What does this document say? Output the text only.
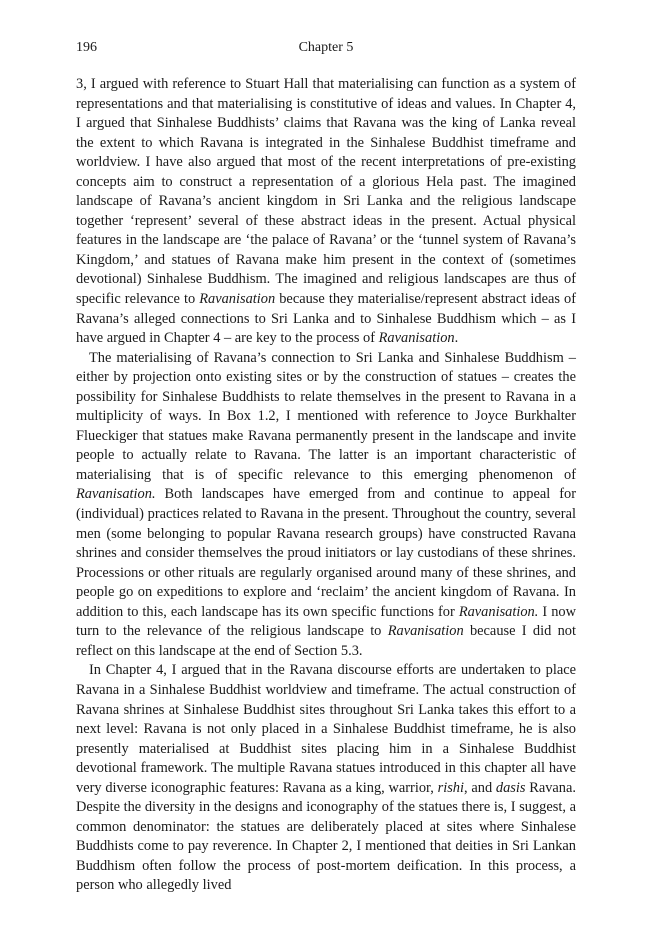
196	Chapter 5

3, I argued with reference to Stuart Hall that materialising can function as a system of representations and that materialising is constitutive of ideas and values. In Chapter 4, I argued that Sinhalese Buddhists’ claims that Ravana was the king of Lanka reveal the extent to which Ravana is integrated in the Sinhalese Buddhist timeframe and worldview. I have also argued that most of the recent interpretations of pre-existing concepts aim to construct a representation of a glorious Hela past. The imagined landscape of Ravana’s ancient kingdom in Sri Lanka and the religious landscape together ‘represent’ several of these abstract ideas in the present. Actual physical features in the landscape are ‘the palace of Ravana’ or the ‘tunnel system of Ravana’s Kingdom,’ and statues of Ravana make him present in the context of (sometimes devotional) Sinhalese Buddhism. The imagined and religious landscapes are thus of specific relevance to Ravanisation because they materialise/represent abstract ideas of Ravana’s alleged connections to Sri Lanka and to Sinhalese Buddhism which – as I have argued in Chapter 4 – are key to the process of Ravanisation.

The materialising of Ravana’s connection to Sri Lanka and Sinhalese Buddhism – either by projection onto existing sites or by the construction of statues – creates the possibility for Sinhalese Buddhists to relate themselves in the present to Ravana in a multiplicity of ways. In Box 1.2, I mentioned with reference to Joyce Burkhalter Flueckiger that statues make Ravana permanently present in the landscape and invite people to actually relate to Ravana. The latter is an important characteristic of materialising that is of specific relevance to this emerging phenomenon of Ravanisation. Both landscapes have emerged from and continue to appeal for (individual) practices related to Ravana in the present. Throughout the country, several men (some belonging to popular Ravana research groups) have constructed Ravana shrines and consider themselves the proud initiators or lay custodians of these shrines. Processions or other rituals are regularly organised around many of these shrines, and people go on expeditions to explore and ‘reclaim’ the ancient kingdom of Ravana. In addition to this, each landscape has its own specific functions for Ravanisation. I now turn to the relevance of the religious landscape to Ravanisation because I did not reflect on this landscape at the end of Section 5.3.

In Chapter 4, I argued that in the Ravana discourse efforts are undertaken to place Ravana in a Sinhalese Buddhist worldview and timeframe. The actual construction of Ravana shrines at Sinhalese Buddhist sites throughout Sri Lanka takes this effort to a next level: Ravana is not only placed in a Sinhalese Buddhist timeframe, he is also presently materialised at Buddhist sites placing him in a Sinhalese Buddhist devotional framework. The multiple Ravana statues introduced in this chapter all have very diverse iconographic features: Ravana as a king, warrior, rishi, and dasis Ravana. Despite the diversity in the designs and iconography of the statues there is, I suggest, a common denominator: the statues are deliberately placed at sites where Sinhalese Buddhists come to pay reverence. In Chapter 2, I mentioned that deities in Sri Lankan Buddhism often follow the process of post-mortem deification. In this process, a person who allegedly lived
